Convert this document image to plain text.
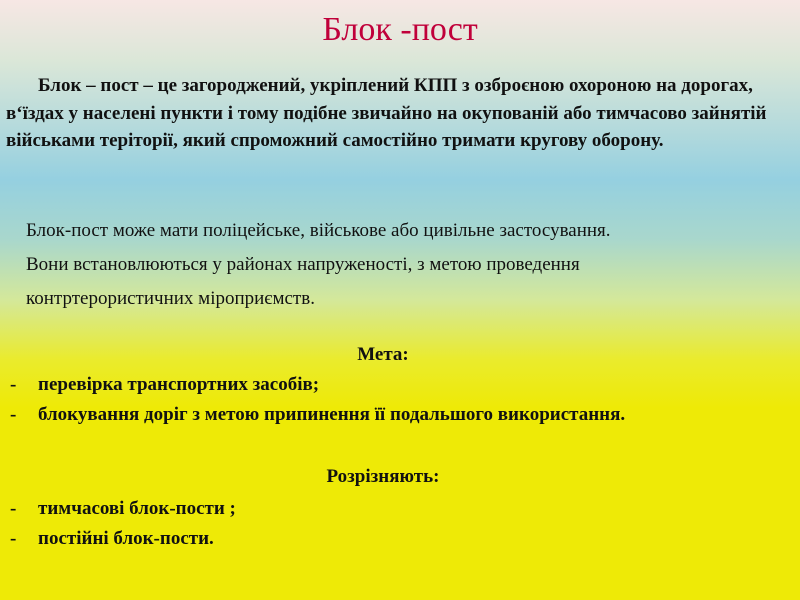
Блок -пост
Блок – пост – це загороджений, укріплений КПП з озброєною охороною на дорогах, в‘їздах у населені пункти і тому подібне звичайно на окупованій або тимчасово зайнятій військами теріторії, який спроможний самостійно тримати кругову оборону.

Блок-пост може мати поліцейське, військове або цивільне застосування.

Вони встановлюються у районах напруженості, з метою проведення

контртерористичних міроприємств.

Мета:
- перевірка транспортних засобів;
- блокування доріг з метою припинення її подальшого використання.
Розрізняють:
- тимчасові блок-пости ;
- постійні блок-пости.
